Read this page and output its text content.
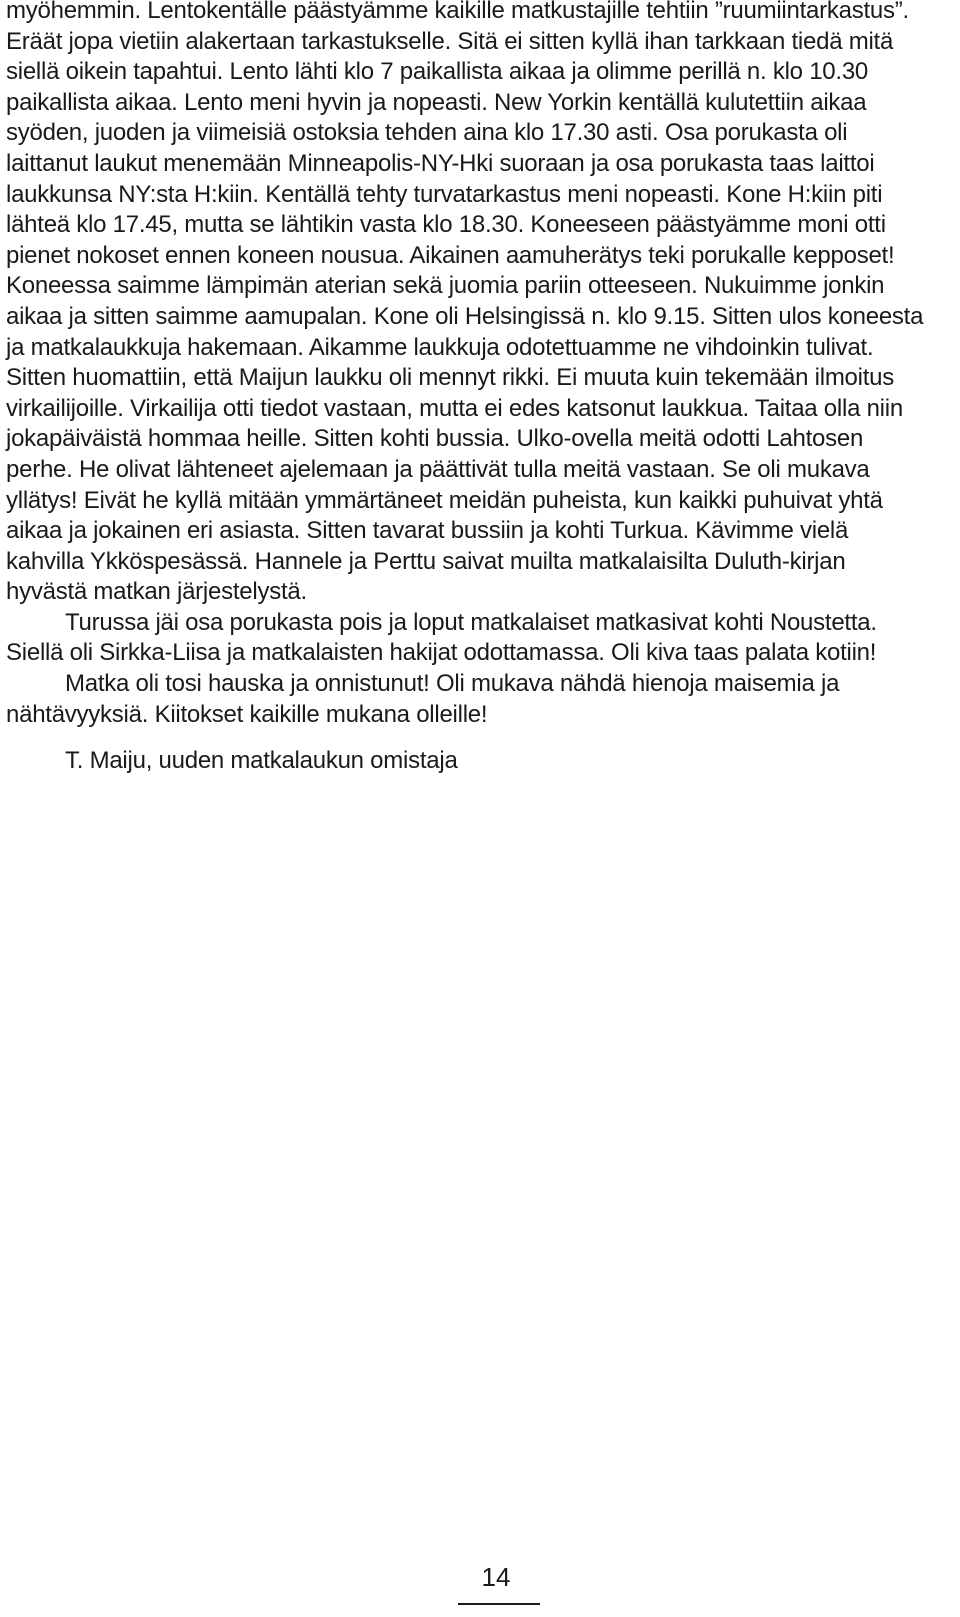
myöhemmin. Lentokentälle päästyämme kaikille matkustajille tehtiin ”ruumiintarkastus”.
Eräät jopa vietiin alakertaan tarkastukselle. Sitä ei sitten kyllä ihan tarkkaan tiedä mitä
siellä oikein tapahtui. Lento lähti klo 7 paikallista aikaa ja olimme perillä n. klo 10.30
paikallista aikaa. Lento meni hyvin ja nopeasti. New Yorkin kentällä kulutettiin aikaa
syöden, juoden ja viimeisiä ostoksia tehden aina klo 17.30 asti. Osa porukasta oli
laittanut laukut menemään Minneapolis-NY-Hki suoraan ja osa porukasta taas laittoi
laukkunsa NY:sta H:kiin. Kentällä tehty turvatarkastus meni nopeasti. Kone H:kiin piti
lähteä klo 17.45, mutta se lähtikin vasta klo 18.30. Koneeseen päästyämme moni otti
pienet nokoset ennen koneen nousua. Aikainen aamuherätys teki porukalle kepposet!
Koneessa saimme lämpimän aterian sekä juomia pariin otteeseen. Nukuimme jonkin
aikaa ja sitten saimme aamupalan. Kone oli Helsingissä n. klo 9.15. Sitten ulos koneesta
ja matkalaukkuja hakemaan. Aikamme laukkuja odotettuamme ne vihdoinkin tulivat.
Sitten huomattiin, että Maijun laukku oli mennyt rikki. Ei muuta kuin tekemään ilmoitus
virkailijoille. Virkailija otti tiedot vastaan, mutta ei edes katsonut laukkua. Taitaa olla niin
jokapäiväistä hommaa heille. Sitten kohti bussia. Ulko-ovella meitä odotti Lahtosen
perhe. He olivat lähteneet ajelemaan ja päättivät tulla meitä vastaan. Se oli mukava
yllätys! Eivät he kyllä mitään ymmärtäneet meidän puheista, kun kaikki puhuivat yhtä
aikaa ja jokainen eri asiasta. Sitten tavarat bussiin ja kohti Turkua. Kävimme vielä
kahvilla Ykköspesässä. Hannele ja Perttu saivat muilta matkalaisilta Duluth-kirjan
hyvästä matkan järjestelystä.
Turussa jäi osa porukasta pois ja loput matkalaiset matkasivat kohti Noustetta.
Siellä oli Sirkka-Liisa ja matkalaisten hakijat odottamassa. Oli kiva taas palata kotiin!
Matka oli tosi hauska ja onnistunut! Oli mukava nähdä hienoja maisemia ja
nähtävyyksiä. Kiitokset kaikille mukana olleille!
T. Maiju, uuden matkalaukun omistaja
14
